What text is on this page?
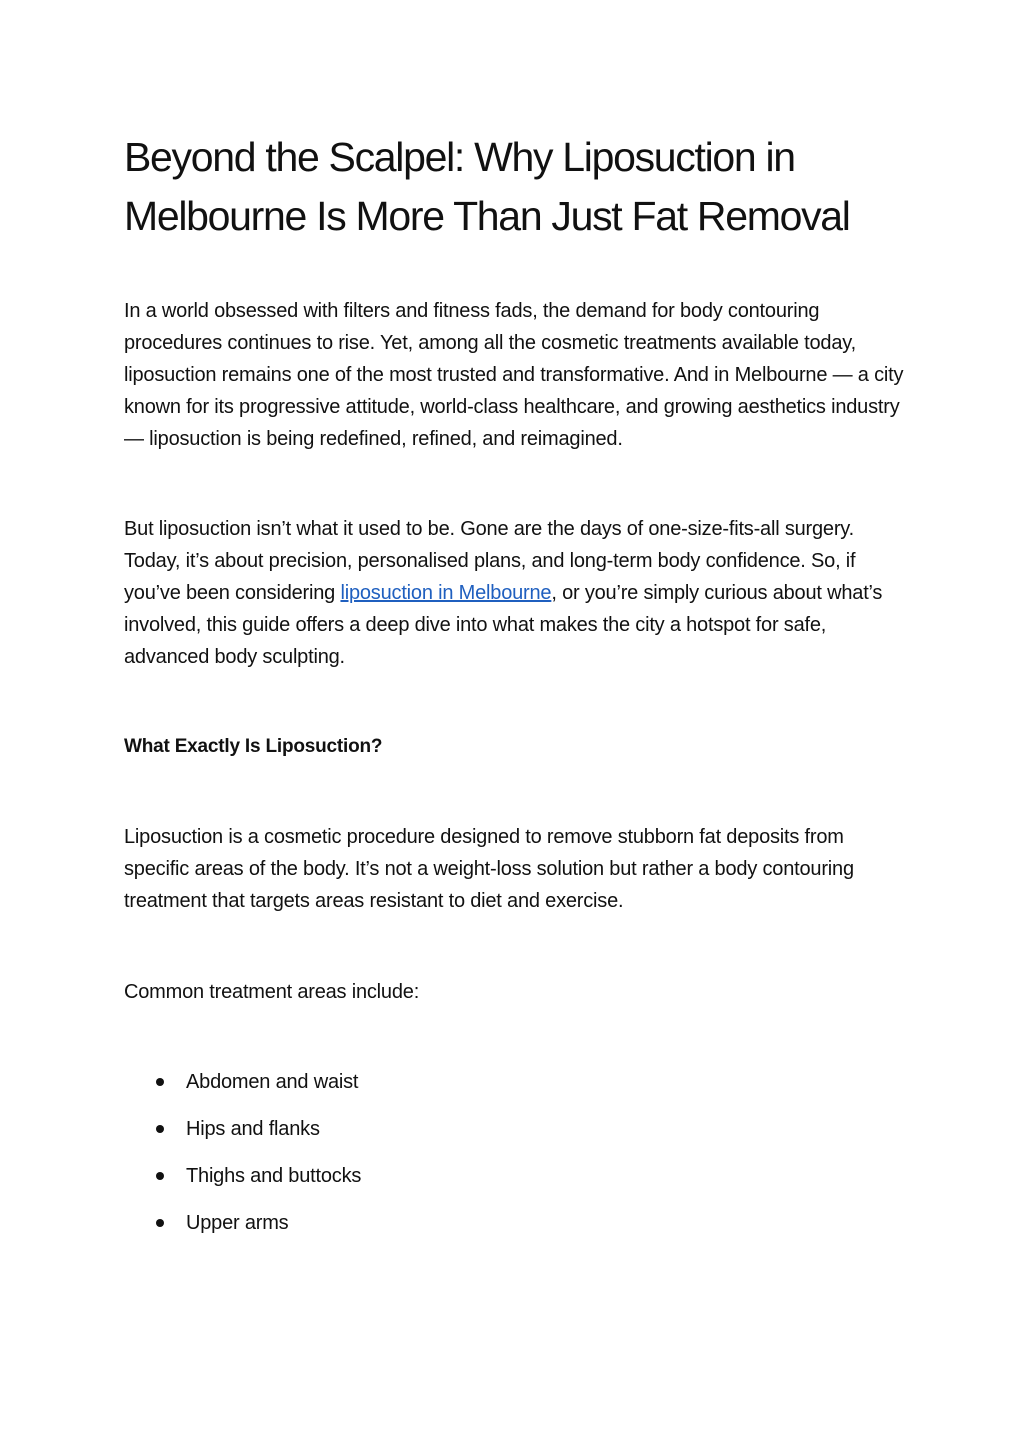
Beyond the Scalpel: Why Liposuction in Melbourne Is More Than Just Fat Removal

In a world obsessed with filters and fitness fads, the demand for body contouring procedures continues to rise. Yet, among all the cosmetic treatments available today, liposuction remains one of the most trusted and transformative. And in Melbourne — a city known for its progressive attitude, world-class healthcare, and growing aesthetics industry — liposuction is being redefined, refined, and reimagined.

But liposuction isn’t what it used to be. Gone are the days of one-size-fits-all surgery. Today, it’s about precision, personalised plans, and long-term body confidence. So, if you’ve been considering liposuction in Melbourne, or you’re simply curious about what’s involved, this guide offers a deep dive into what makes the city a hotspot for safe, advanced body sculpting.

What Exactly Is Liposuction?

Liposuction is a cosmetic procedure designed to remove stubborn fat deposits from specific areas of the body. It’s not a weight-loss solution but rather a body contouring treatment that targets areas resistant to diet and exercise.

Common treatment areas include:

Abdomen and waist
Hips and flanks
Thighs and buttocks
Upper arms
